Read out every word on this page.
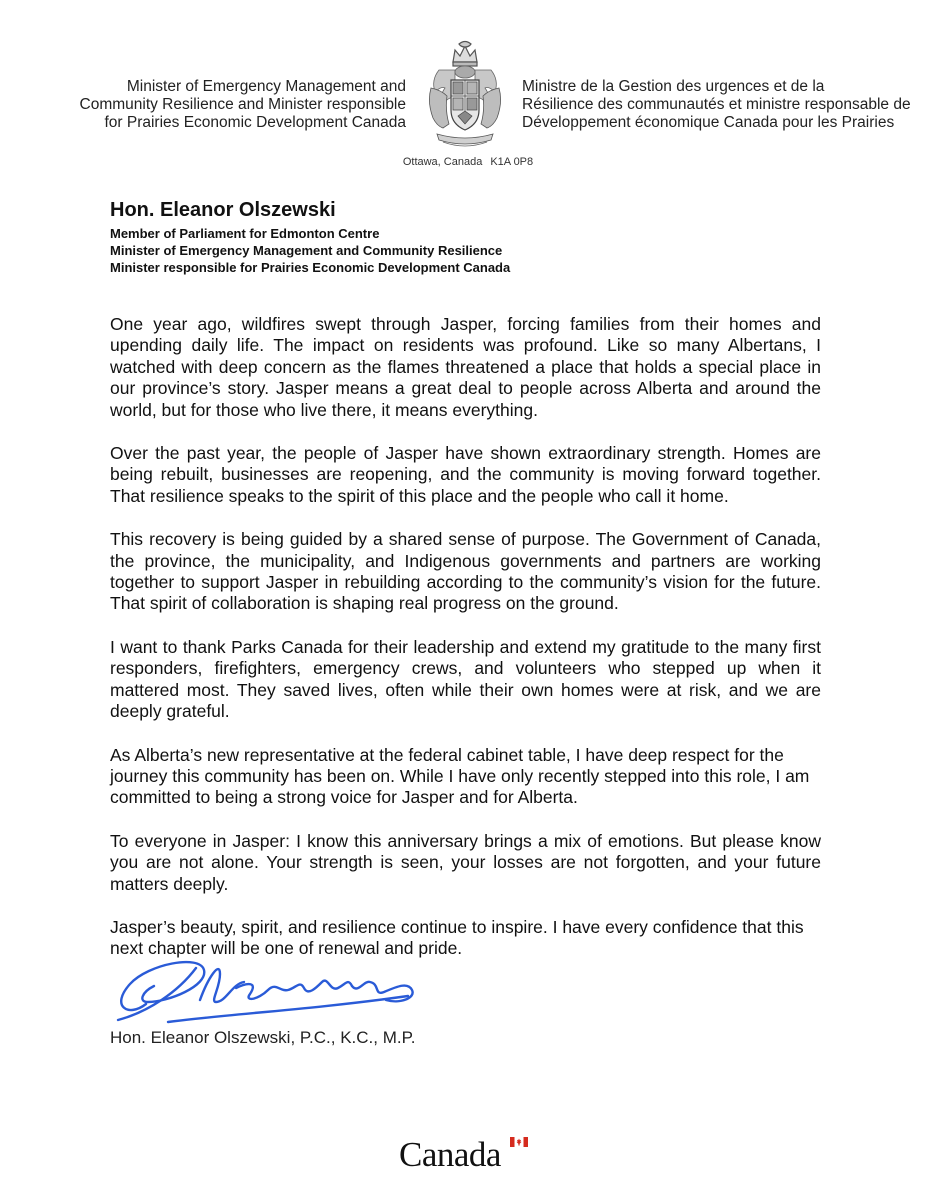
Minister of Emergency Management and
Community Resilience and Minister responsible
for Prairies Economic Development Canada
Ministre de la Gestion des urgences et de la
Résilience des communautés et ministre responsable de
Développement économique Canada pour les Prairies
Ottawa, Canada K1A 0P8

Hon. Eleanor Olszewski

Member of Parliament for Edmonton Centre

Minister of Emergency Management and Community Resilience

Minister responsible for Prairies Economic Development Canada

One year ago, wildfires swept through Jasper, forcing families from their homes and upending daily life. The impact on residents was profound. Like so many Albertans, I watched with deep concern as the flames threatened a place that holds a special place in our province’s story. Jasper means a great deal to people across Alberta and around the world, but for those who live there, it means everything.

Over the past year, the people of Jasper have shown extraordinary strength. Homes are being rebuilt, businesses are reopening, and the community is moving forward together. That resilience speaks to the spirit of this place and the people who call it home.

This recovery is being guided by a shared sense of purpose. The Government of Canada, the province, the municipality, and Indigenous governments and partners are working together to support Jasper in rebuilding according to the community’s vision for the future. That spirit of collaboration is shaping real progress on the ground.

I want to thank Parks Canada for their leadership and extend my gratitude to the many first responders, firefighters, emergency crews, and volunteers who stepped up when it mattered most. They saved lives, often while their own homes were at risk, and we are deeply grateful.

As Alberta’s new representative at the federal cabinet table, I have deep respect for the journey this community has been on. While I have only recently stepped into this role, I am committed to being a strong voice for Jasper and for Alberta.

To everyone in Jasper: I know this anniversary brings a mix of emotions. But please know you are not alone. Your strength is seen, your losses are not forgotten, and your future matters deeply.

Jasper’s beauty, spirit, and resilience continue to inspire. I have every confidence that this next chapter will be one of renewal and pride.

Hon. Eleanor Olszewski, P.C., K.C., M.P.
Canada
